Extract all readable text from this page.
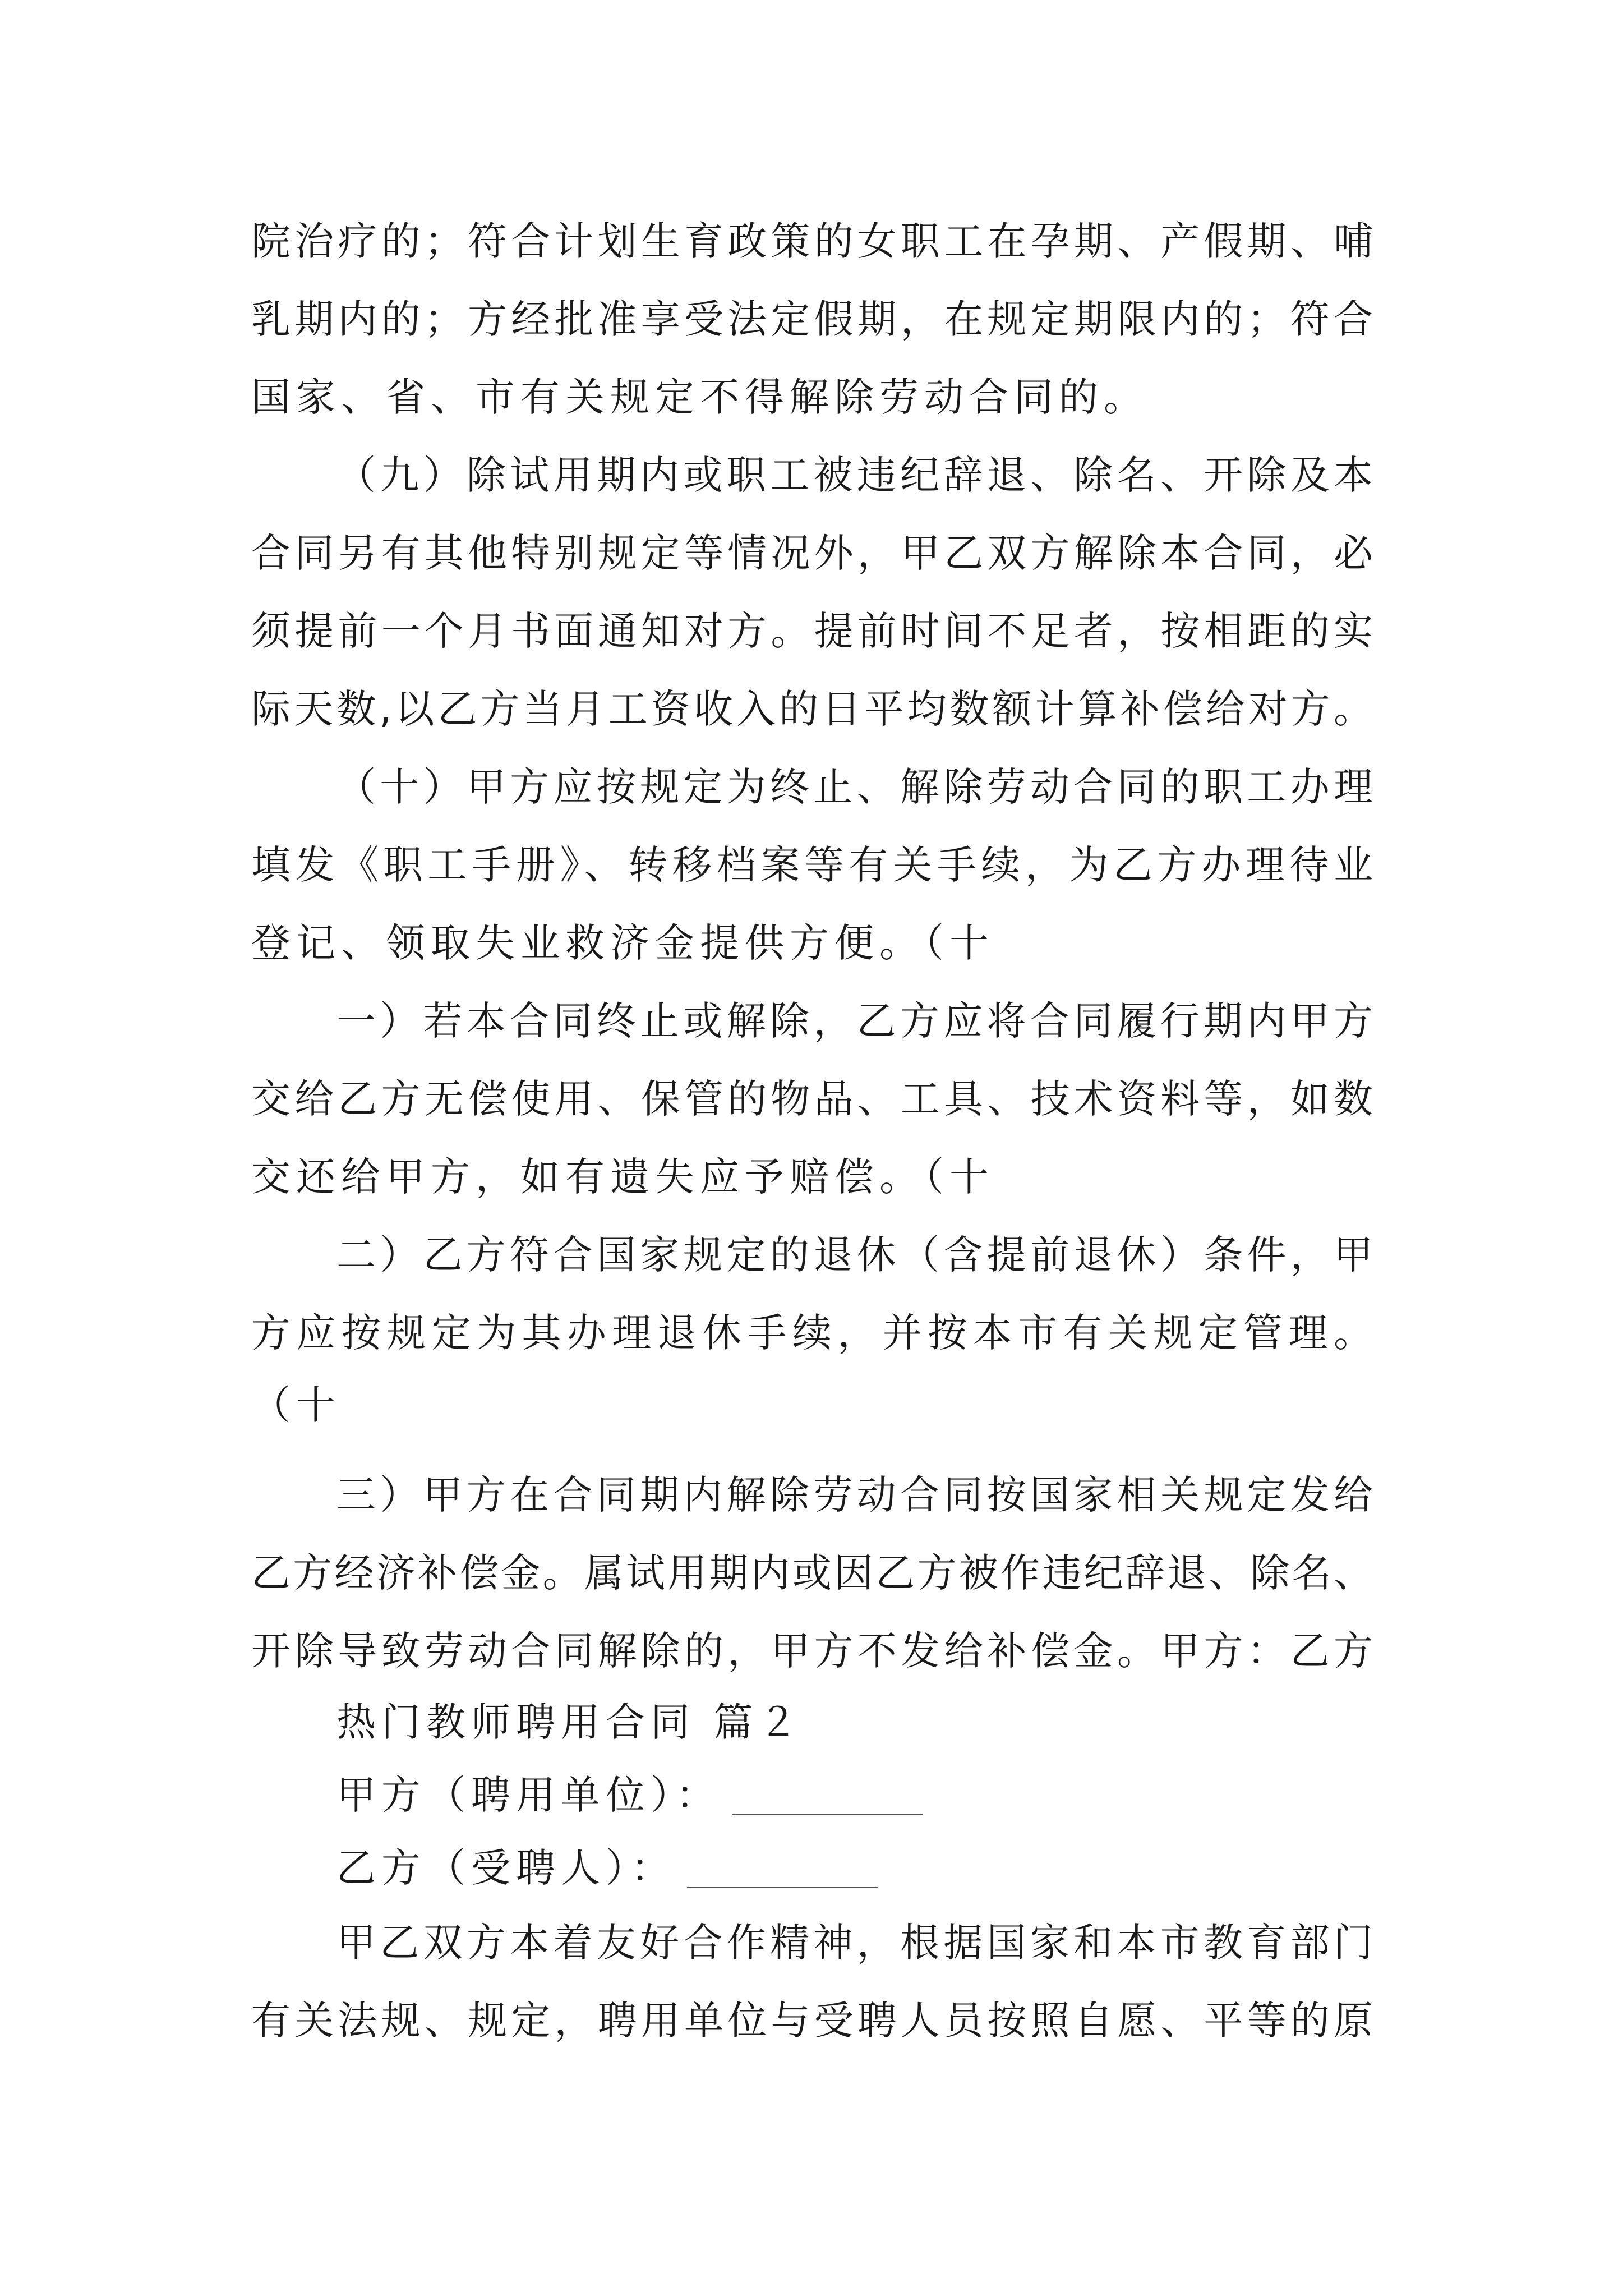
院治疗的；符合计划生育政策的女职工在孕期、产假期、哺
乳期内的；方经批准享受法定假期，在规定期限内的；符合
国家、省、市有关规定不得解除劳动合同的。
（九）除试用期内或职工被违纪辞退、除名、开除及本
合同另有其他特别规定等情况外，甲乙双方解除本合同，必
须提前一个月书面通知对方。提前时间不足者，按相距的实
际天数,以乙方当月工资收入的日平均数额计算补偿给对方。
（十）甲方应按规定为终止、解除劳动合同的职工办理
填发《职工手册》、转移档案等有关手续，为乙方办理待业
登记、领取失业救济金提供方便。（十
一）若本合同终止或解除，乙方应将合同履行期内甲方
交给乙方无偿使用、保管的物品、工具、技术资料等，如数
交还给甲方，如有遗失应予赔偿。（十
二）乙方符合国家规定的退休（含提前退休）条件，甲
方应按规定为其办理退休手续，并按本市有关规定管理。
（十
三）甲方在合同期内解除劳动合同按国家相关规定发给
乙方经济补偿金。属试用期内或因乙方被作违纪辞退、除名、
开除导致劳动合同解除的，甲方不发给补偿金。甲方：乙方
热门教师聘用合同 篇２
甲方（聘用单位）：
乙方（受聘人）：
甲乙双方本着友好合作精神，根据国家和本市教育部门
有关法规、规定，聘用单位与受聘人员按照自愿、平等的原
